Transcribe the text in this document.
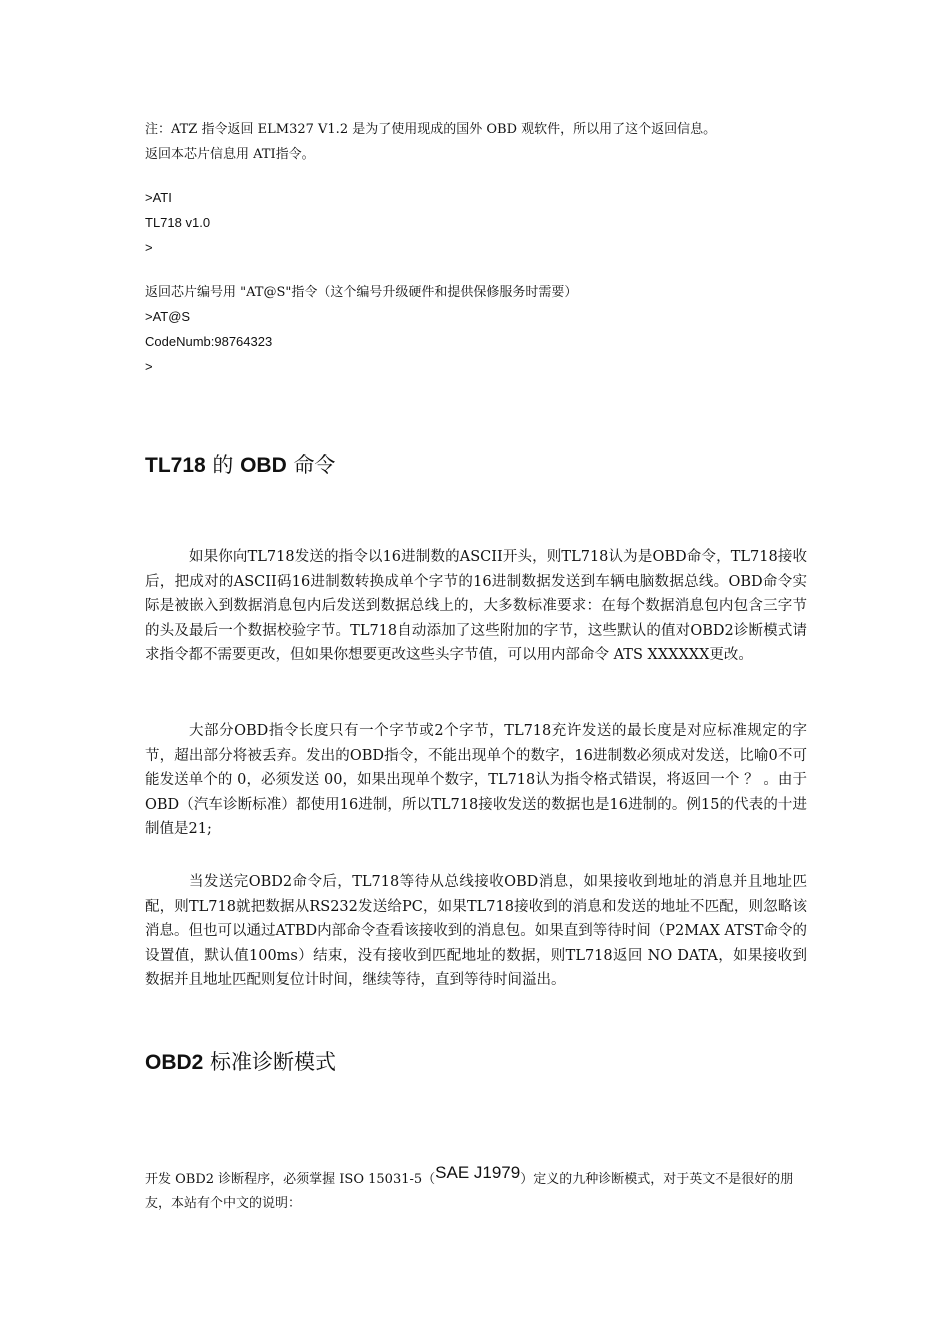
注：ATZ 指令返回 ELM327 V1.2 是为了使用现成的国外 OBD 观软件，所以用了这个返回信息。
返回本芯片信息用 ATI指令。
>ATI
TL718 v1.0
>
返回芯片编号用 "AT@S"指令（这个编号升级硬件和提供保修服务时需要）
>AT@S
CodeNumb:98764323
>
TL718 的 OBD 命令
如果你向TL718发送的指令以16进制数的ASCII开头，则TL718认为是OBD命令，TL718接收后，把成对的ASCII码16进制数转换成单个字节的16进制数据发送到车辆电脑数据总线。OBD命令实际是被嵌入到数据消息包内后发送到数据总线上的，大多数标准要求：在每个数据消息包内包含三字节的头及最后一个数据校验字节。TL718自动添加了这些附加的字节，这些默认的值对OBD2诊断模式请求指令都不需要更改，但如果你想要更改这些头字节值，可以用内部命令 ATS XXXXXX更改。
大部分OBD指令长度只有一个字节或2个字节，TL718充许发送的最长度是对应标准规定的字节，超出部分将被丢弃。发出的OBD指令，不能出现单个的数字，16进制数必须成对发送，比喻0不可能发送单个的 0，必须发送 00，如果出现单个数字，TL718认为指令格式错误，将返回一个 ？ 。由于OBD（汽车诊断标准）都使用16进制，所以TL718接收发送的数据也是16进制的。例15的代表的十进制值是21;
当发送完OBD2命令后，TL718等待从总线接收OBD消息，如果接收到地址的消息并且地址匹配，则TL718就把数据从RS232发送给PC，如果TL718接收到的消息和发送的地址不匹配，则忽略该消息。但也可以通过ATBD内部命令查看该接收到的消息包。如果直到等待时间（P2MAX ATST命令的设置值，默认值100ms）结束，没有接收到匹配地址的数据，则TL718返回 NO DATA，如果接收到数据并且地址匹配则复位计时间，继续等待，直到等待时间溢出。
OBD2 标准诊断模式
开发 OBD2 诊断程序，必须掌握 ISO 15031-5（SAE J1979）定义的九种诊断模式，对于英文不是很好的朋友，本站有个中文的说明：
